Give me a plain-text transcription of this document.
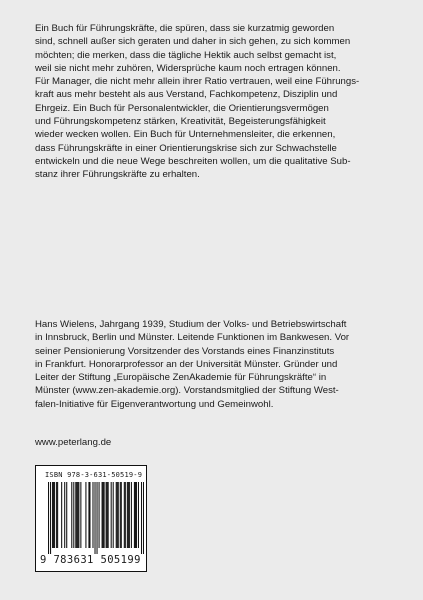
Ein Buch für Führungskräfte, die spüren, dass sie kurzatmig geworden
sind, schnell außer sich geraten und daher in sich gehen, zu sich kommen
möchten; die merken, dass die tägliche Hektik auch selbst gemacht ist,
weil sie nicht mehr zuhören, Widersprüche kaum noch ertragen können.
Für Manager, die nicht mehr allein ihrer Ratio vertrauen, weil eine Führungs-
kraft aus mehr besteht als aus Verstand, Fachkompetenz, Disziplin und
Ehrgeiz. Ein Buch für Personalentwickler, die Orientierungsvermögen
und Führungskompetenz stärken, Kreativität, Begeisterungsfähigkeit
wieder wecken wollen. Ein Buch für Unternehmensleiter, die erkennen,
dass Führungskräfte in einer Orientierungskrise sich zur Schwachstelle
entwickeln und die neue Wege beschreiten wollen, um die qualitative Sub-
stanz ihrer Führungskräfte zu erhalten.
Hans Wielens, Jahrgang 1939, Studium der Volks- und Betriebswirtschaft
in Innsbruck, Berlin und Münster. Leitende Funktionen im Bankwesen. Vor
seiner Pensionierung Vorsitzender des Vorstands eines Finanzinstituts
in Frankfurt. Honorarprofessor an der Universität Münster. Gründer und
Leiter der Stiftung „Europäische ZenAkademie für Führungskräfte“ in
Münster (www.zen-akademie.org). Vorstandsmitglied der Stiftung West-
falen-Initiative für Eigenverantwortung und Gemeinwohl.
www.peterlang.de
ISBN 978-3-631-50519-9
9 783631 505199
